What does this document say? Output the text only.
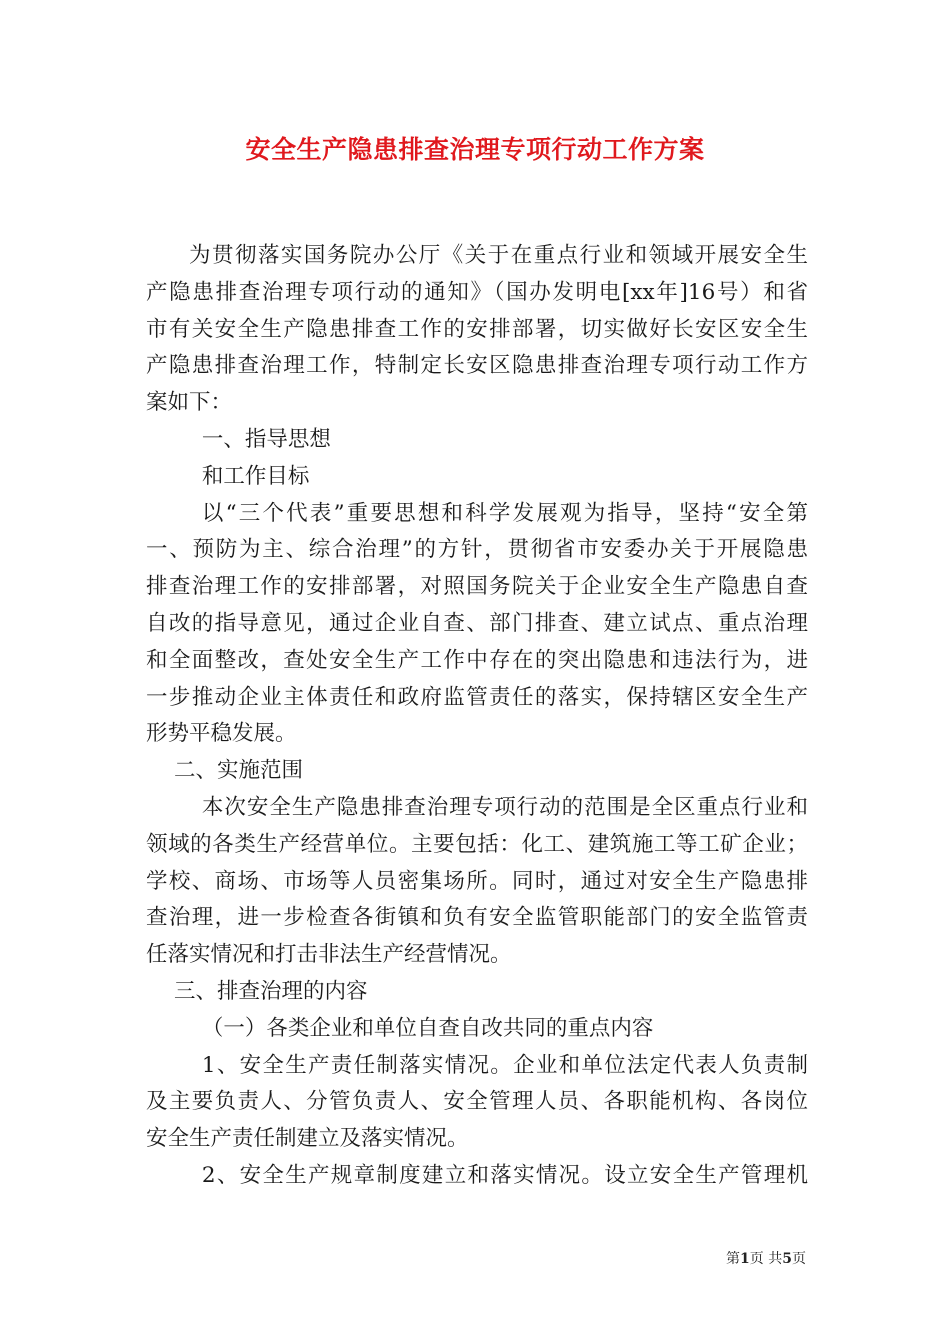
安全生产隐患排查治理专项行动工作方案
为贯彻落实国务院办公厅《关于在重点行业和领域开展安全生
产隐患排查治理专项行动的通知》（国办发明电[xx年]16号）和省
市有关安全生产隐患排查工作的安排部署，切实做好长安区安全生
产隐患排查治理工作，特制定长安区隐患排查治理专项行动工作方
案如下：
一、指导思想
和工作目标
以“三个代表”重要思想和科学发展观为指导，坚持“安全第
一、预防为主、综合治理”的方针，贯彻省市安委办关于开展隐患
排查治理工作的安排部署，对照国务院关于企业安全生产隐患自查
自改的指导意见，通过企业自查、部门排查、建立试点、重点治理
和全面整改，查处安全生产工作中存在的突出隐患和违法行为，进
一步推动企业主体责任和政府监管责任的落实，保持辖区安全生产
形势平稳发展。
二、实施范围
本次安全生产隐患排查治理专项行动的范围是全区重点行业和
领域的各类生产经营单位。主要包括：化工、建筑施工等工矿企业；
学校、商场、市场等人员密集场所。同时，通过对安全生产隐患排
查治理，进一步检查各街镇和负有安全监管职能部门的安全监管责
任落实情况和打击非法生产经营情况。
三、排查治理的内容
（一）各类企业和单位自查自改共同的重点内容
1、安全生产责任制落实情况。企业和单位法定代表人负责制
及主要负责人、分管负责人、安全管理人员、各职能机构、各岗位
安全生产责任制建立及落实情况。
2、安全生产规章制度建立和落实情况。设立安全生产管理机
第1页 共5页
